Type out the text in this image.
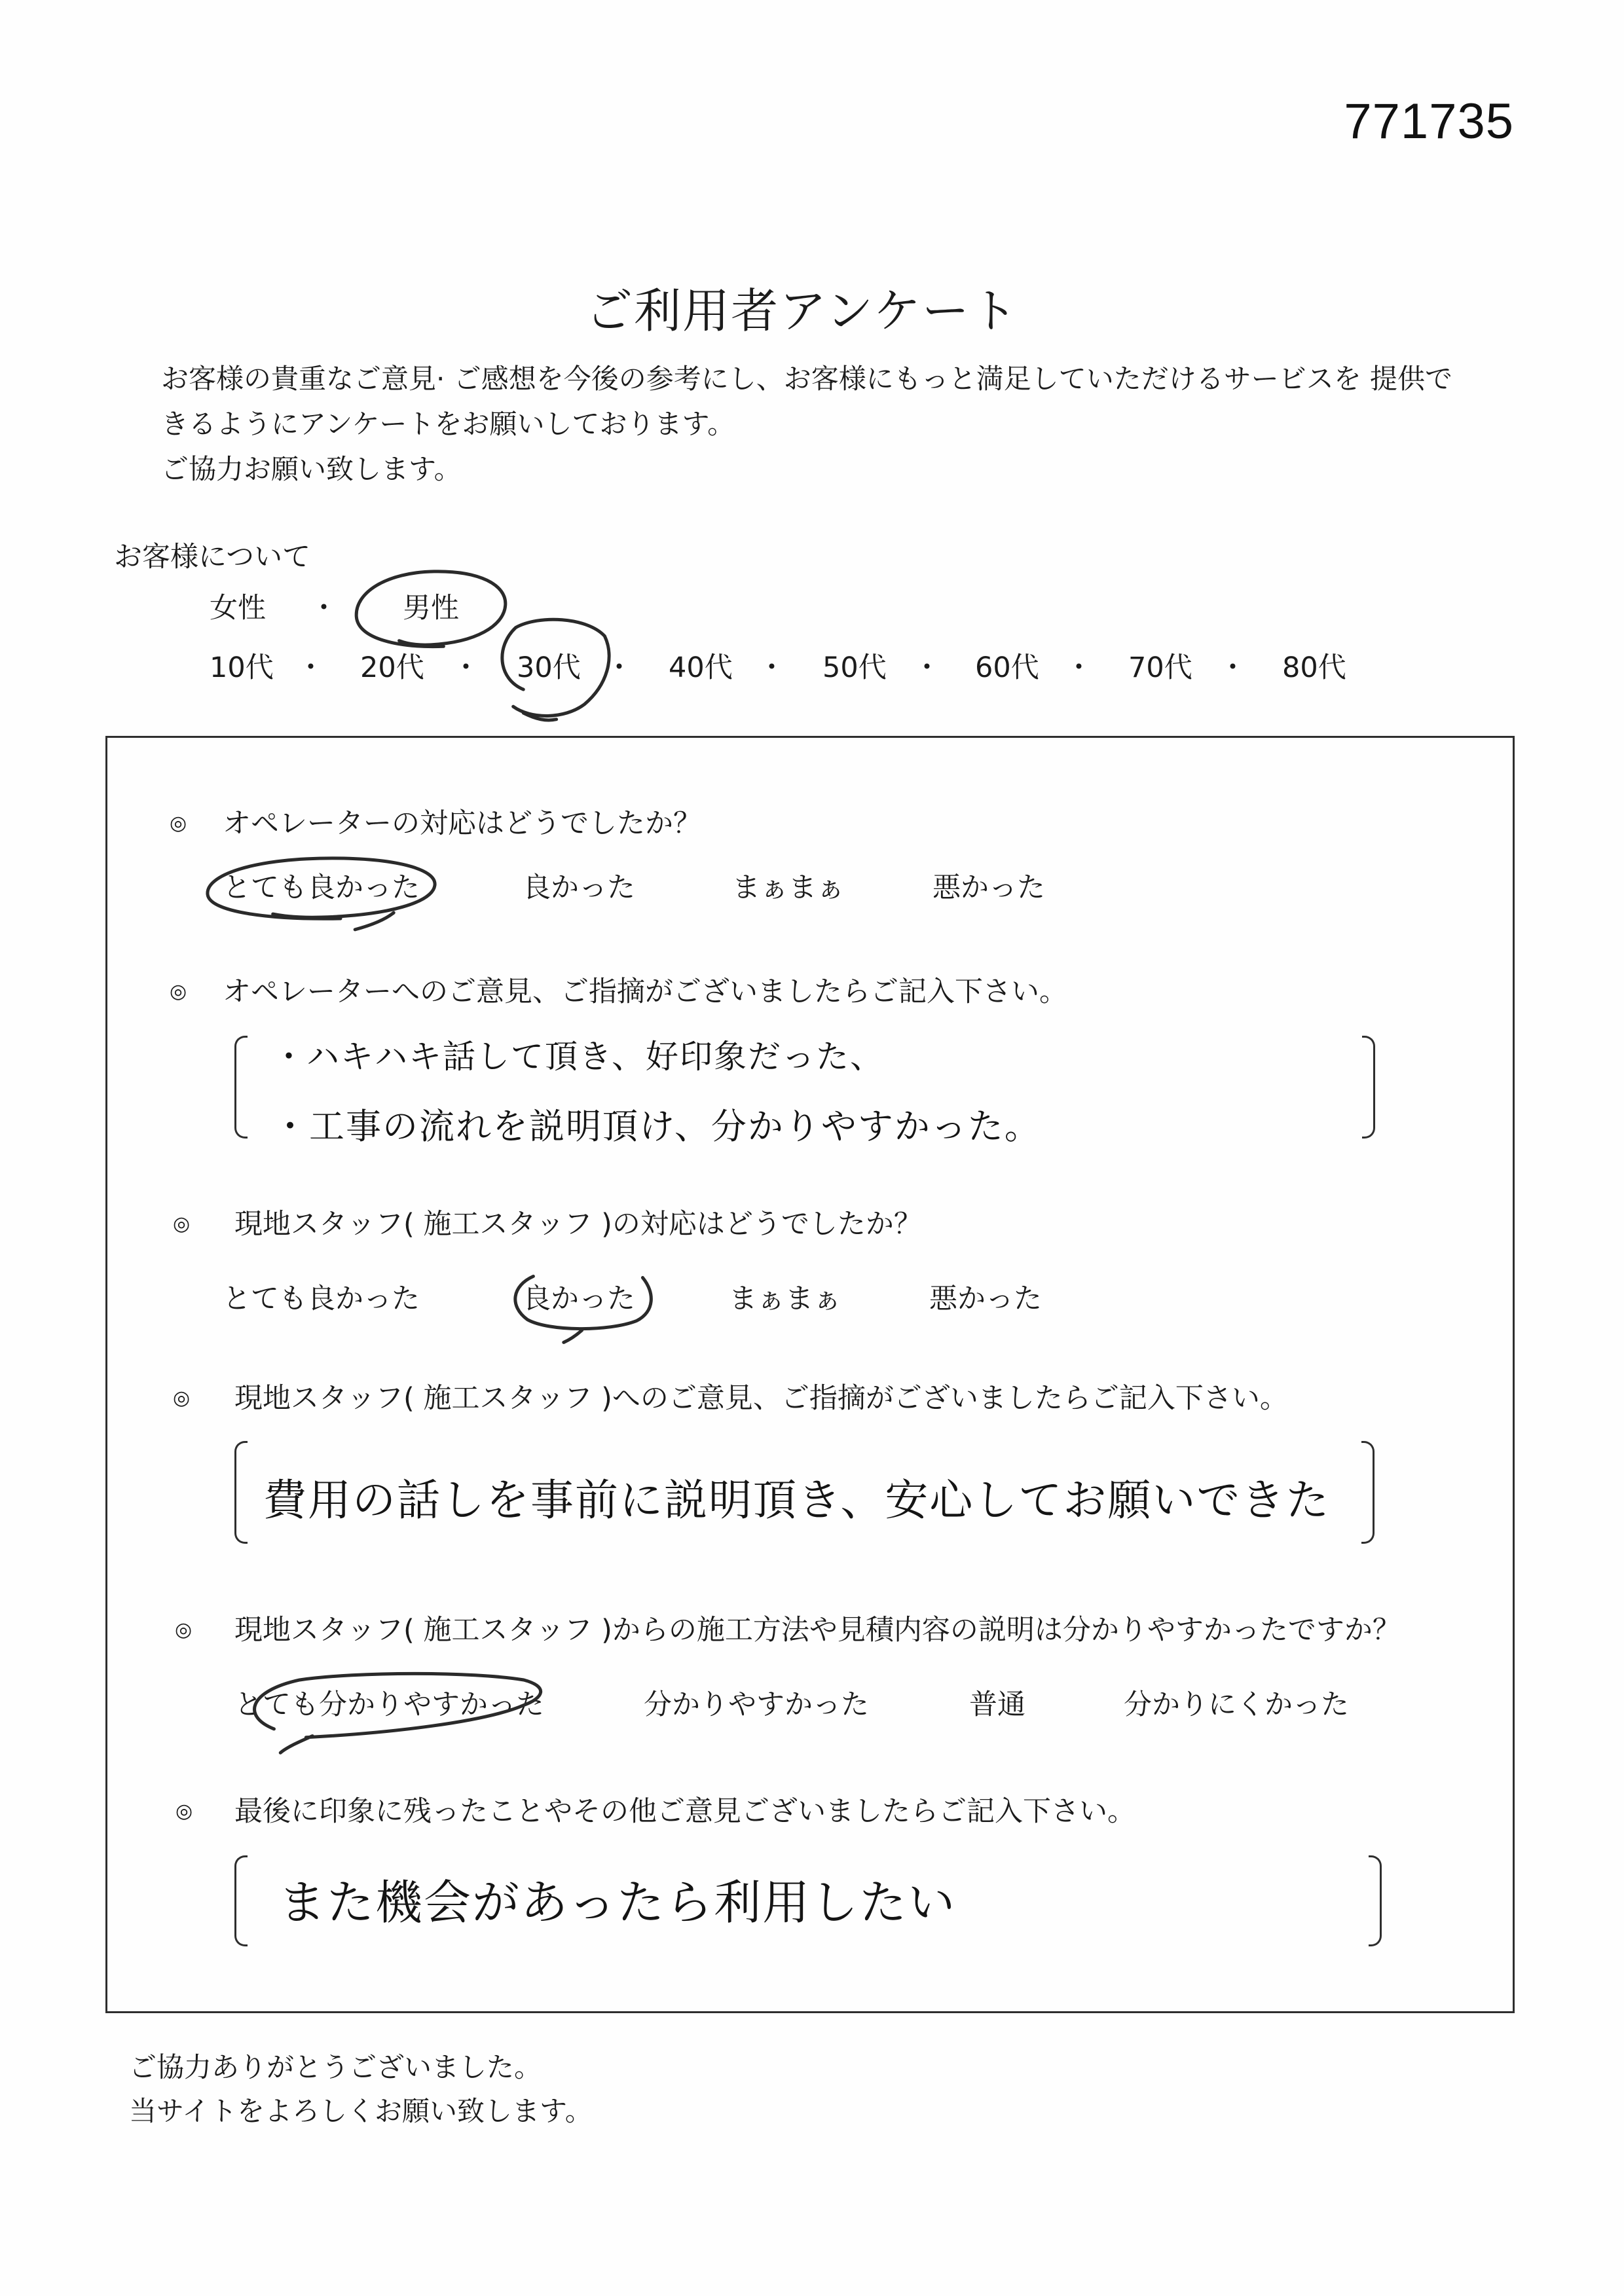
771735
ご利用者アンケート
お客様の貴重なご意見· ご感想を今後の参考にし、お客様にもっと満足していただけるサービスを 提供で
きるようにアンケートをお願いしております。
ご協力お願い致します。
お客様について
女性 ・ 男性
10代 ・ 20代 ・ 30代 ・ 40代 ・ 50代 ・ 60代 ・ 70代 ・ 80代
◎ オペレーターの対応はどうでしたか？
とても良かった	良かった	まぁまぁ	悪かった
◎ オペレーターへのご意見、ご指摘がございましたらご記入下さい。
・ハキハキ話して頂き、好印象だった、
・工事の流れを説明頂け、分かりやすかった。
◎ 現地スタッフ( 施工スタッフ )の対応はどうでしたか？
とても良かった	良かった	まぁまぁ	悪かった
◎ 現地スタッフ( 施工スタッフ )へのご意見、ご指摘がございましたらご記入下さい。
費用の話しを事前に説明頂き、安心してお願いできた
◎ 現地スタッフ( 施工スタッフ )からの施工方法や見積内容の説明は分かりやすかったですか？
とても分かりやすかった	分かりやすかった	普通	分かりにくかった
◎ 最後に印象に残ったことやその他ご意見ございましたらご記入下さい。
また機会があったら利用したい
ご協力ありがとうございました。
当サイトをよろしくお願い致します。
